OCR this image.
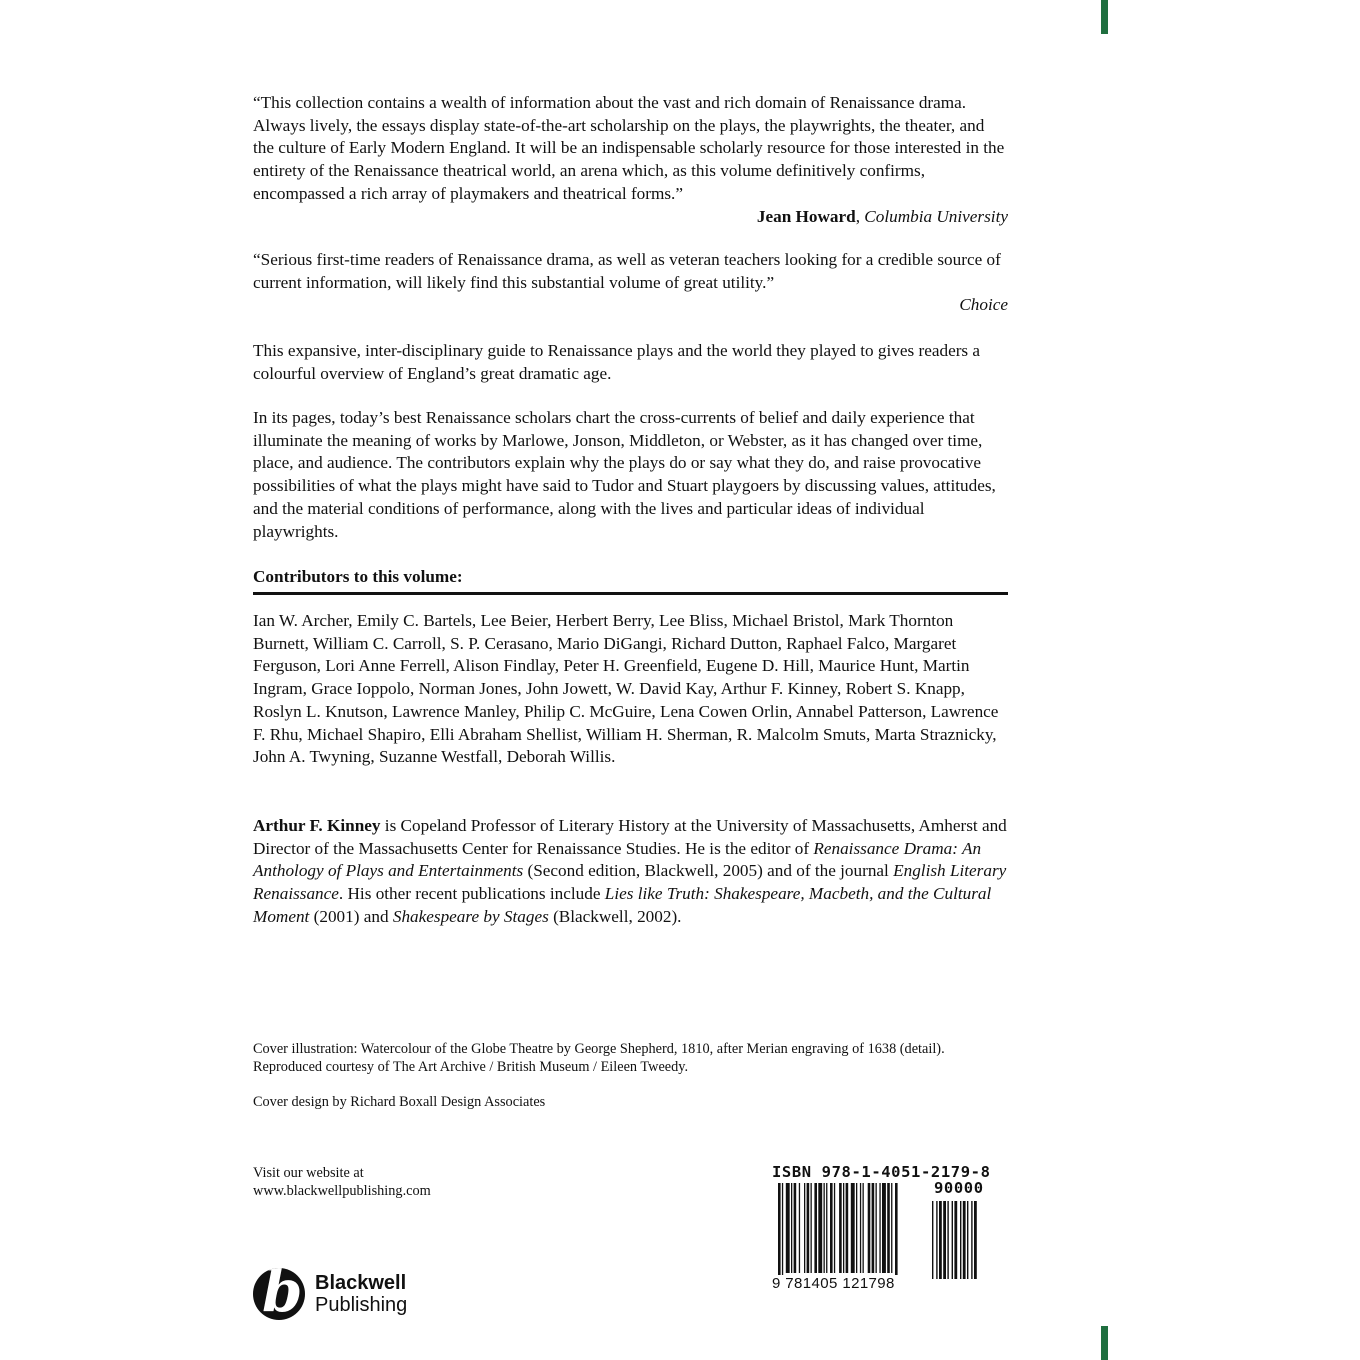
“This collection contains a wealth of information about the vast and rich domain of Renaissance drama. Always lively, the essays display state-of-the-art scholarship on the plays, the playwrights, the theater, and the culture of Early Modern England. It will be an indispensable scholarly resource for those interested in the entirety of the Renaissance theatrical world, an arena which, as this volume definitively confirms, encompassed a rich array of playmakers and theatrical forms.”

Jean Howard, Columbia University

“Serious first-time readers of Renaissance drama, as well as veteran teachers looking for a credible source of current information, will likely find this substantial volume of great utility.”

Choice

This expansive, inter-disciplinary guide to Renaissance plays and the world they played to gives readers a colourful overview of England’s great dramatic age.

In its pages, today’s best Renaissance scholars chart the cross-currents of belief and daily experience that illuminate the meaning of works by Marlowe, Jonson, Middleton, or Webster, as it has changed over time, place, and audience. The contributors explain why the plays do or say what they do, and raise provocative possibilities of what the plays might have said to Tudor and Stuart playgoers by discussing values, attitudes, and the material conditions of performance, along with the lives and particular ideas of individual playwrights.

Contributors to this volume:

Ian W. Archer, Emily C. Bartels, Lee Beier, Herbert Berry, Lee Bliss, Michael Bristol, Mark Thornton Burnett, William C. Carroll, S. P. Cerasano, Mario DiGangi, Richard Dutton, Raphael Falco, Margaret Ferguson, Lori Anne Ferrell, Alison Findlay, Peter H. Greenfield, Eugene D. Hill, Maurice Hunt, Martin Ingram, Grace Ioppolo, Norman Jones, John Jowett, W. David Kay, Arthur F. Kinney, Robert S. Knapp, Roslyn L. Knutson, Lawrence Manley, Philip C. McGuire, Lena Cowen Orlin, Annabel Patterson, Lawrence F. Rhu, Michael Shapiro, Elli Abraham Shellist, William H. Sherman, R. Malcolm Smuts, Marta Straznicky, John A. Twyning, Suzanne Westfall, Deborah Willis.

Arthur F. Kinney is Copeland Professor of Literary History at the University of Massachusetts, Amherst and Director of the Massachusetts Center for Renaissance Studies. He is the editor of Renaissance Drama: An Anthology of Plays and Entertainments (Second edition, Blackwell, 2005) and of the journal English Literary Renaissance. His other recent publications include Lies like Truth: Shakespeare, Macbeth, and the Cultural Moment (2001) and Shakespeare by Stages (Blackwell, 2002).

Cover illustration: Watercolour of the Globe Theatre by George Shepherd, 1810, after Merian engraving of 1638 (detail).
Reproduced courtesy of The Art Archive / British Museum / Eileen Tweedy.
Cover design by Richard Boxall Design Associates
Visit our website at
www.blackwellpublishing.com
b Blackwell
Publishing
ISBN 978-1-4051-2179-8
90000
9 781405 121798
